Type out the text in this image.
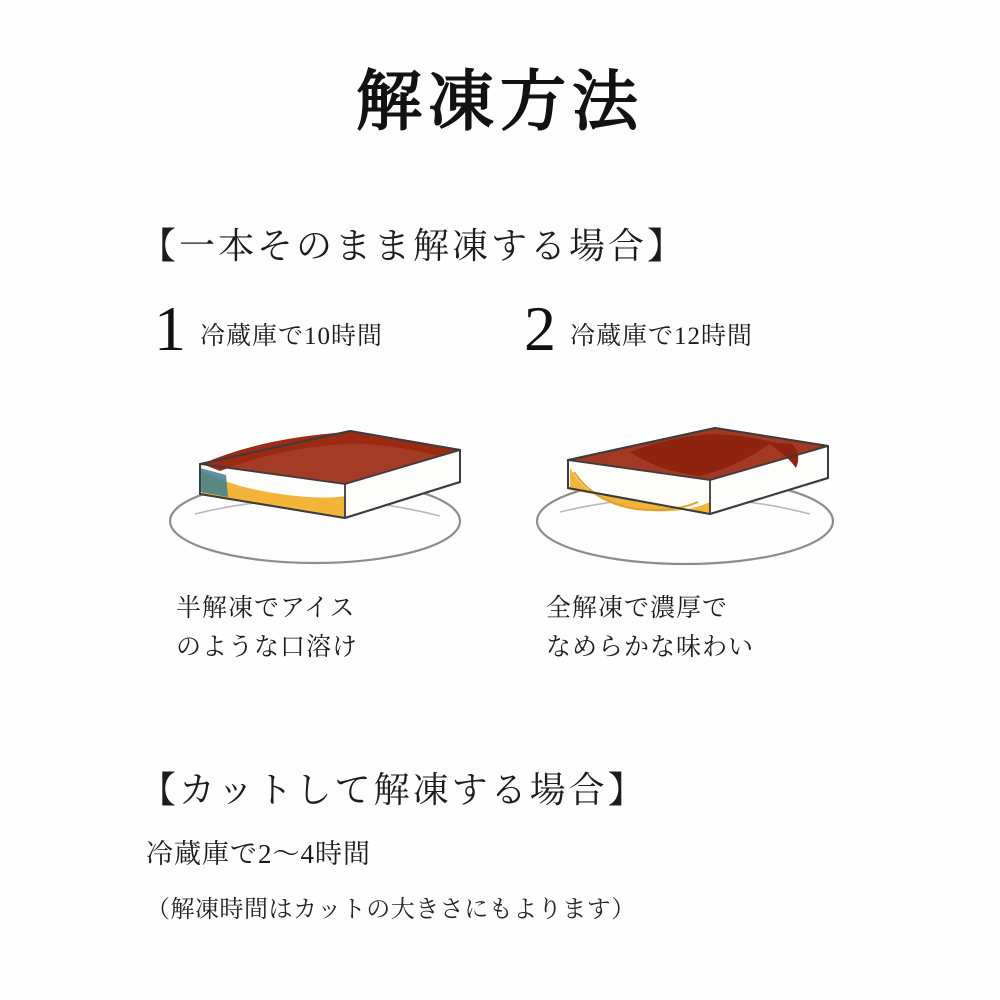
解凍方法
【一本そのまま解凍する場合】
1 冷蔵庫で10時間
半解凍でアイス
のような口溶け
2 冷蔵庫で12時間
全解凍で濃厚で
なめらかな味わい
【カットして解凍する場合】
冷蔵庫で2〜4時間
（解凍時間はカットの大きさにもよります）
